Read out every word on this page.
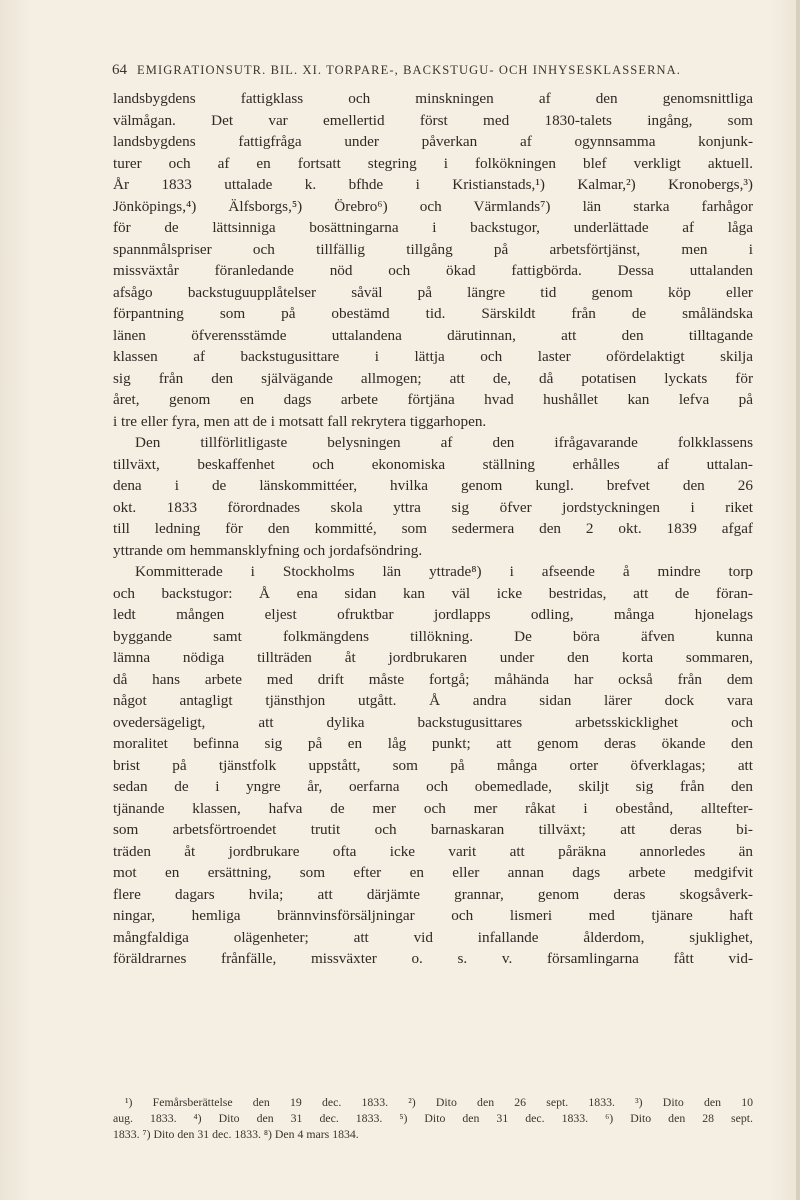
64 EMIGRATIONSUTR. BIL. XI. TORPARE-, BACKSTUGU- OCH INHYSESKLASSERNA.
landsbygdens fattigklass och minskningen af den genomsnittliga
välmågan. Det var emellertid först med 1830-talets ingång, som
landsbygdens fattigfråga under påverkan af ogynnsamma konjunk-
turer och af en fortsatt stegring i folkökningen blef verkligt aktuell.
År 1833 uttalade k. bfhde i Kristianstads,¹) Kalmar,²) Kronobergs,³)
Jönköpings,⁴) Älfsborgs,⁵) Örebro⁶) och Värmlands⁷) län starka farhågor
för de lättsinniga bosättningarna i backstugor, underlättade af låga
spannmålspriser och tillfällig tillgång på arbetsförtjänst, men i
missväxtår föranledande nöd och ökad fattigbörda. Dessa uttalanden
afsågo backstuguupplåtelser såväl på längre tid genom köp eller
förpantning som på obestämd tid. Särskildt från de småländska
länen öfverensstämde uttalandena därutinnan, att den tilltagande
klassen af backstugusittare i lättja och laster ofördelaktigt skilja
sig från den självägande allmogen; att de, då potatisen lyckats för
året, genom en dags arbete förtjäna hvad hushållet kan lefva på
i tre eller fyra, men att de i motsatt fall rekrytera tiggarhopen.
Den tillförlitligaste belysningen af den ifrågavarande folkklassens
tillväxt, beskaffenhet och ekonomiska ställning erhålles af uttalan-
dena i de länskommittéer, hvilka genom kungl. brefvet den 26
okt. 1833 förordnades skola yttra sig öfver jordstyckningen i riket
till ledning för den kommitté, som sedermera den 2 okt. 1839 afgaf
yttrande om hemmansklyfning och jordafsöndring.
Kommitterade i Stockholms län yttrade⁸) i afseende å mindre torp
och backstugor: Å ena sidan kan väl icke bestridas, att de föran-
ledt mången eljest ofruktbar jordlapps odling, många hjonelags
byggande samt folkmängdens tillökning. De böra äfven kunna
lämna nödiga tillträden åt jordbrukaren under den korta sommaren,
då hans arbete med drift måste fortgå; måhända har också från dem
något antagligt tjänsthjon utgått. Å andra sidan lärer dock vara
ovedersägeligt, att dylika backstugusittares arbetsskicklighet och
moralitet befinna sig på en låg punkt; att genom deras ökande den
brist på tjänstfolk uppstått, som på många orter öfverklagas; att
sedan de i yngre år, oerfarna och obemedlade, skiljt sig från den
tjänande klassen, hafva de mer och mer råkat i obestånd, alltefter-
som arbetsförtroendet trutit och barnaskaran tillväxt; att deras bi-
träden åt jordbrukare ofta icke varit att påräkna annorledes än
mot en ersättning, som efter en eller annan dags arbete medgifvit
flere dagars hvila; att därjämte grannar, genom deras skogsåverk-
ningar, hemliga brännvinsförsäljningar och lismeri med tjänare haft
mångfaldiga olägenheter; att vid infallande ålderdom, sjuklighet,
föräldrarnes frånfälle, missväxter o. s. v. församlingarna fått vid-
¹) Femårsberättelse den 19 dec. 1833. ²) Dito den 26 sept. 1833. ³) Dito den 10
aug. 1833. ⁴) Dito den 31 dec. 1833. ⁵) Dito den 31 dec. 1833. ⁶) Dito den 28 sept.
1833. ⁷) Dito den 31 dec. 1833. ⁸) Den 4 mars 1834.
